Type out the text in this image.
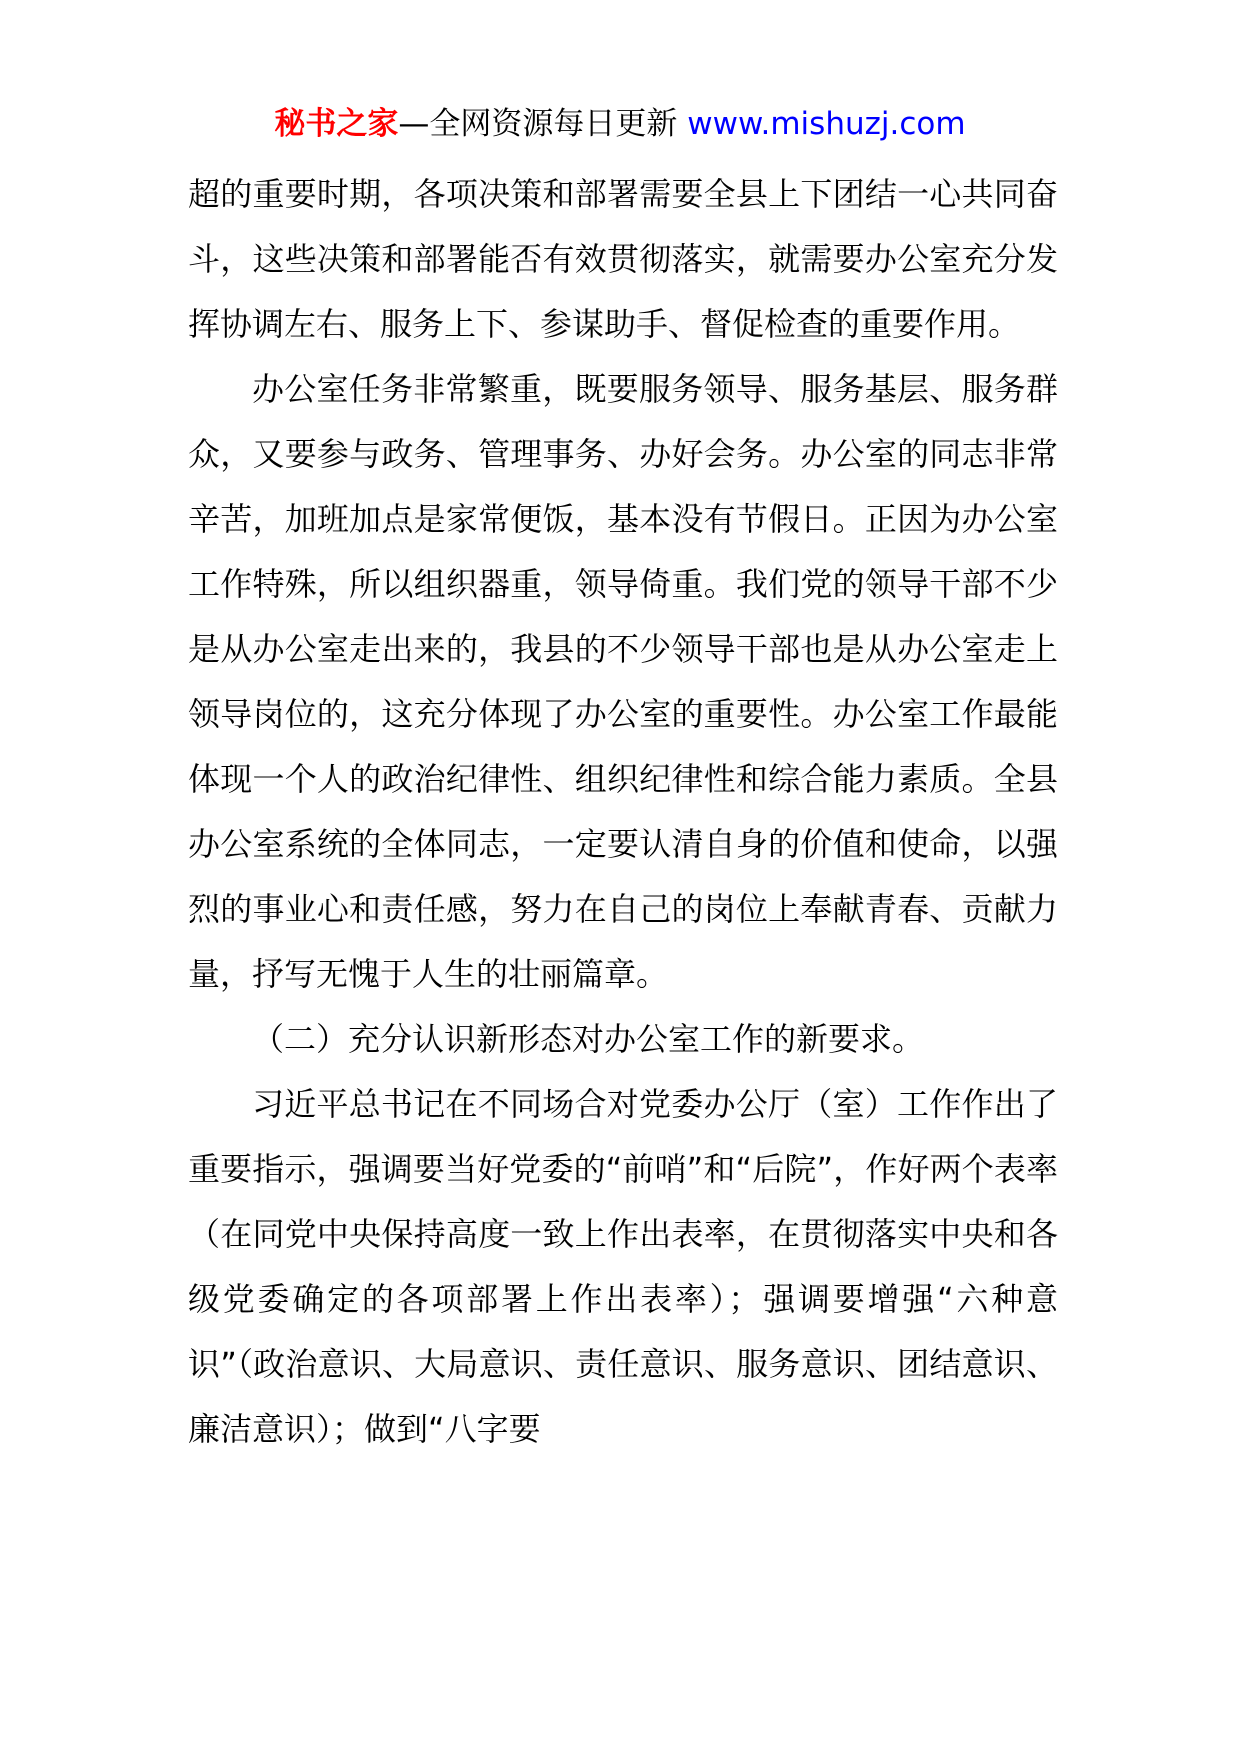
秘书之家—全网资源每日更新 www.mishuzj.com

超的重要时期，各项决策和部署需要全县上下团结一心共同奋斗，这些决策和部署能否有效贯彻落实，就需要办公室充分发挥协调左右、服务上下、参谋助手、督促检查的重要作用。

办公室任务非常繁重，既要服务领导、服务基层、服务群众，又要参与政务、管理事务、办好会务。办公室的同志非常辛苦，加班加点是家常便饭，基本没有节假日。正因为办公室工作特殊，所以组织器重，领导倚重。我们党的领导干部不少是从办公室走出来的，我县的不少领导干部也是从办公室走上领导岗位的，这充分体现了办公室的重要性。办公室工作最能体现一个人的政治纪律性、组织纪律性和综合能力素质。全县办公室系统的全体同志，一定要认清自身的价值和使命，以强烈的事业心和责任感，努力在自己的岗位上奉献青春、贡献力量，抒写无愧于人生的壮丽篇章。

（二）充分认识新形态对办公室工作的新要求。

习近平总书记在不同场合对党委办公厅（室）工作作出了重要指示，强调要当好党委的“前哨”和“后院”，作好两个表率（在同党中央保持高度一致上作出表率，在贯彻落实中央和各级党委确定的各项部署上作出表率）；强调要增强“六种意识”（政治意识、大局意识、责任意识、服务意识、团结意识、廉洁意识）；做到“八字要
